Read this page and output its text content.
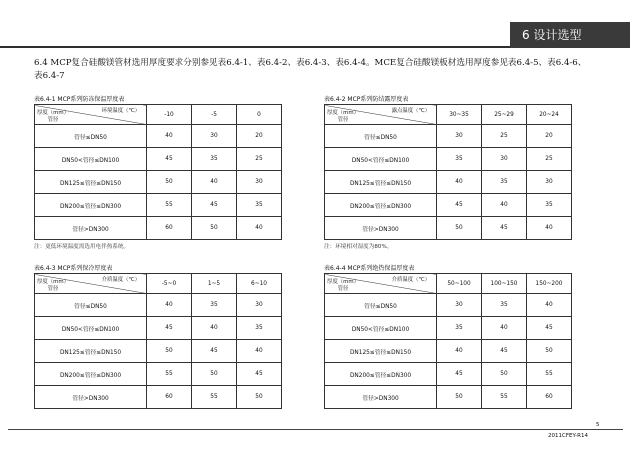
6 设计选型
6.4 MCP复合硅酸镁管材选用厚度要求分别参见表6.4-1、表6.4-2、表6.4-3、表6.4-4。MCE复合硅酸镁板材选用厚度参见表6.4-5、表6.4-6、表6.4-7
表6.4-1 MCP系列防冻保温厚度表
环境温度（℃）
厚度（mm）
管径	-10	-5	0
管径≤DN50	40	30	20
DN50<管径≤DN100	45	35	25
DN125≤管径≤DN150	50	40	30
DN200≤管径≤DN300	55	45	35
管径>DN300	60	50	40
注：更低环境温度需选用电伴热系统。
表6.4-2 MCP系列防结露厚度表
露点温度（℃）
厚度（mm）
管径	30~35	25~29	20~24
管径≤DN50	30	25	20
DN50<管径≤DN100	35	30	25
DN125≤管径≤DN150	40	35	30
DN200≤管径≤DN300	45	40	35
管径>DN300	50	45	40
注：环境相对湿度为80%。
表6.4-3 MCP系列保冷厚度表
介质温度（℃）
厚度（mm）
管径	-5~0	1~5	6~10
管径≤DN50	40	35	30
DN50<管径≤DN100	45	40	35
DN125≤管径≤DN150	50	45	40
DN200≤管径≤DN300	55	50	45
管径>DN300	60	55	50
表6.4-4 MCP系列绝热保温厚度表
介质温度（℃）
厚度（mm）
管径	50~100	100~150	150~200
管径≤DN50	30	35	40
DN50<管径≤DN100	35	40	45
DN125≤管径≤DN150	40	45	50
DN200≤管径≤DN300	45	50	55
管径>DN300	50	55	60
5
2011CFEY-R14
